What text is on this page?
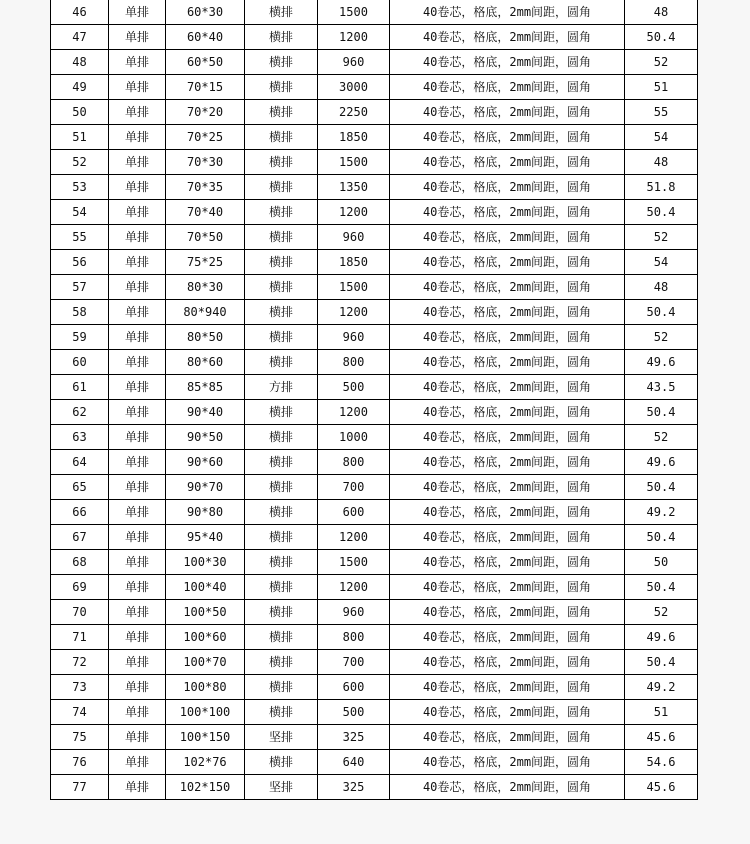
46	单排	60*30	横排	1500	40卷芯，格底，2mm间距，圆角	48
47	单排	60*40	横排	1200	40卷芯，格底，2mm间距，圆角	50.4
48	单排	60*50	横排	960	40卷芯，格底，2mm间距，圆角	52
49	单排	70*15	横排	3000	40卷芯，格底，2mm间距，圆角	51
50	单排	70*20	横排	2250	40卷芯，格底，2mm间距，圆角	55
51	单排	70*25	横排	1850	40卷芯，格底，2mm间距，圆角	54
52	单排	70*30	横排	1500	40卷芯，格底，2mm间距，圆角	48
53	单排	70*35	横排	1350	40卷芯，格底，2mm间距，圆角	51.8
54	单排	70*40	横排	1200	40卷芯，格底，2mm间距，圆角	50.4
55	单排	70*50	横排	960	40卷芯，格底，2mm间距，圆角	52
56	单排	75*25	横排	1850	40卷芯，格底，2mm间距，圆角	54
57	单排	80*30	横排	1500	40卷芯，格底，2mm间距，圆角	48
58	单排	80*940	横排	1200	40卷芯，格底，2mm间距，圆角	50.4
59	单排	80*50	横排	960	40卷芯，格底，2mm间距，圆角	52
60	单排	80*60	横排	800	40卷芯，格底，2mm间距，圆角	49.6
61	单排	85*85	方排	500	40卷芯，格底，2mm间距，圆角	43.5
62	单排	90*40	横排	1200	40卷芯，格底，2mm间距，圆角	50.4
63	单排	90*50	横排	1000	40卷芯，格底，2mm间距，圆角	52
64	单排	90*60	横排	800	40卷芯，格底，2mm间距，圆角	49.6
65	单排	90*70	横排	700	40卷芯，格底，2mm间距，圆角	50.4
66	单排	90*80	横排	600	40卷芯，格底，2mm间距，圆角	49.2
67	单排	95*40	横排	1200	40卷芯，格底，2mm间距，圆角	50.4
68	单排	100*30	横排	1500	40卷芯，格底，2mm间距，圆角	50
69	单排	100*40	横排	1200	40卷芯，格底，2mm间距，圆角	50.4
70	单排	100*50	横排	960	40卷芯，格底，2mm间距，圆角	52
71	单排	100*60	横排	800	40卷芯，格底，2mm间距，圆角	49.6
72	单排	100*70	横排	700	40卷芯，格底，2mm间距，圆角	50.4
73	单排	100*80	横排	600	40卷芯，格底，2mm间距，圆角	49.2
74	单排	100*100	横排	500	40卷芯，格底，2mm间距，圆角	51
75	单排	100*150	坚排	325	40卷芯，格底，2mm间距，圆角	45.6
76	单排	102*76	横排	640	40卷芯，格底，2mm间距，圆角	54.6
77	单排	102*150	坚排	325	40卷芯，格底，2mm间距，圆角	45.6
